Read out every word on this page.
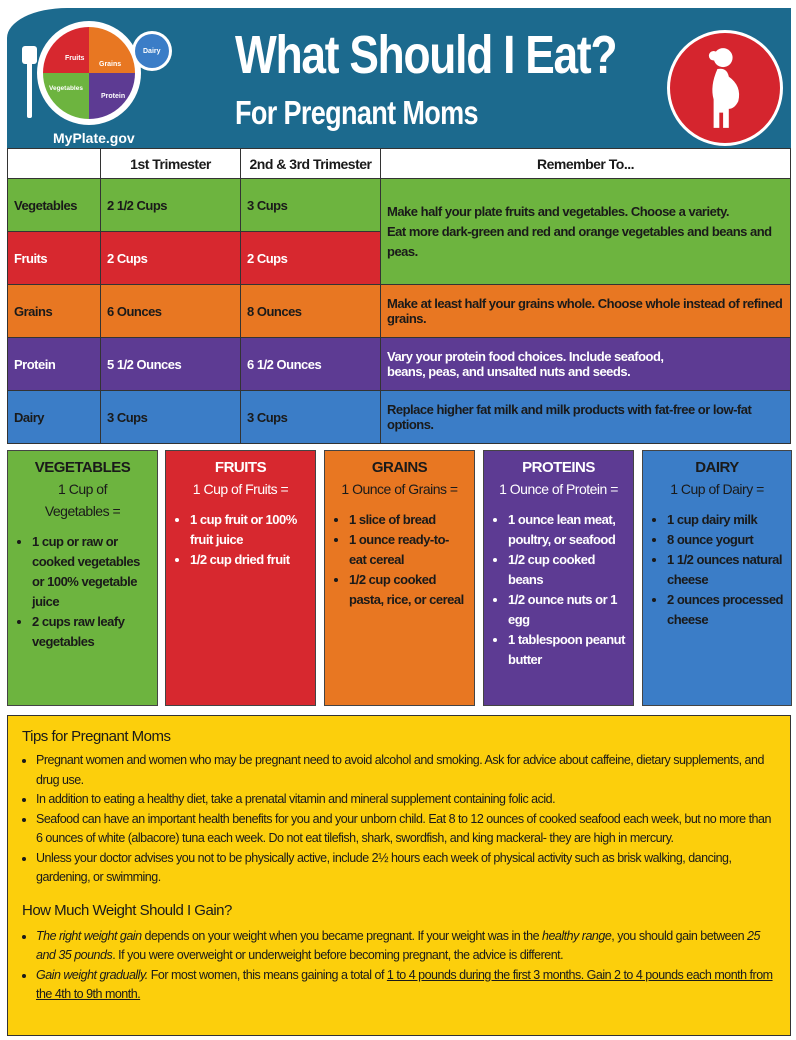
Fruits
Grains
Vegetables
Protein
Dairy
MyPlate.gov
What Should I Eat?
For Pregnant Moms
	1st Trimester	2nd & 3rd Trimester	Remember To...
Vegetables	2 1/2 Cups	3 Cups	Make half your plate fruits and vegetables. Choose a variety.
Eat more dark-green and red and orange vegetables and beans and peas.

Fruits	2 Cups	2 Cups	
Grains	6 Ounces	8 Ounces	Make at least half your grains whole. Choose whole instead of refined grains.
Protein	5 1/2 Ounces	6 1/2 Ounces	Vary your protein food choices. Include seafood, beans, peas, and unsalted nuts and seeds.
Dairy	3 Cups	3 Cups	Replace higher fat milk and milk products with fat-free or low-fat options.
VEGETABLES
1 Cup of Vegetables =
• 1 cup or raw or cooked vegetables or 100% vegetable juice
• 2 cups raw leafy vegetables
FRUITS
1 Cup of Fruits =
• 1 cup fruit or 100% fruit juice
• 1/2 cup dried fruit
GRAINS
1 Ounce of Grains =
• 1 slice of bread
• 1 ounce ready-to-eat cereal
• 1/2 cup cooked pasta, rice, or cereal
PROTEINS
1 Ounce of Protein =
• 1 ounce lean meat, poultry, or seafood
• 1/2 cup cooked beans
• 1/2 ounce nuts or 1 egg
• 1 tablespoon peanut butter
DAIRY
1 Cup of Dairy =
• 1 cup dairy milk
• 8 ounce yogurt
• 1 1/2 ounces natural cheese
• 2 ounces processed cheese
Tips for Pregnant Moms
• Pregnant women and women who may be pregnant need to avoid alcohol and smoking. Ask for advice about caffeine, dietary supplements, and drug use.
• In addition to eating a healthy diet, take a prenatal vitamin and mineral supplement containing folic acid.
• Seafood can have an important health benefits for you and your unborn child. Eat 8 to 12 ounces of cooked seafood each week, but no more than 6 ounces of white (albacore) tuna each week. Do not eat tilefish, shark, swordfish, and king mackeral- they are high in mercury.
• Unless your doctor advises you not to be physically active, include 2½ hours each week of physical activity such as brisk walking, dancing, gardening, or swimming.
How Much Weight Should I Gain?
• The right weight gain depends on your weight when you became pregnant. If your weight was in the healthy range, you should gain between 25 and 35 pounds. If you were overweight or underweight before becoming pregnant, the advice is different.
• Gain weight gradually. For most women, this means gaining a total of 1 to 4 pounds during the first 3 months. Gain 2 to 4 pounds each month from the 4th to 9th month.
